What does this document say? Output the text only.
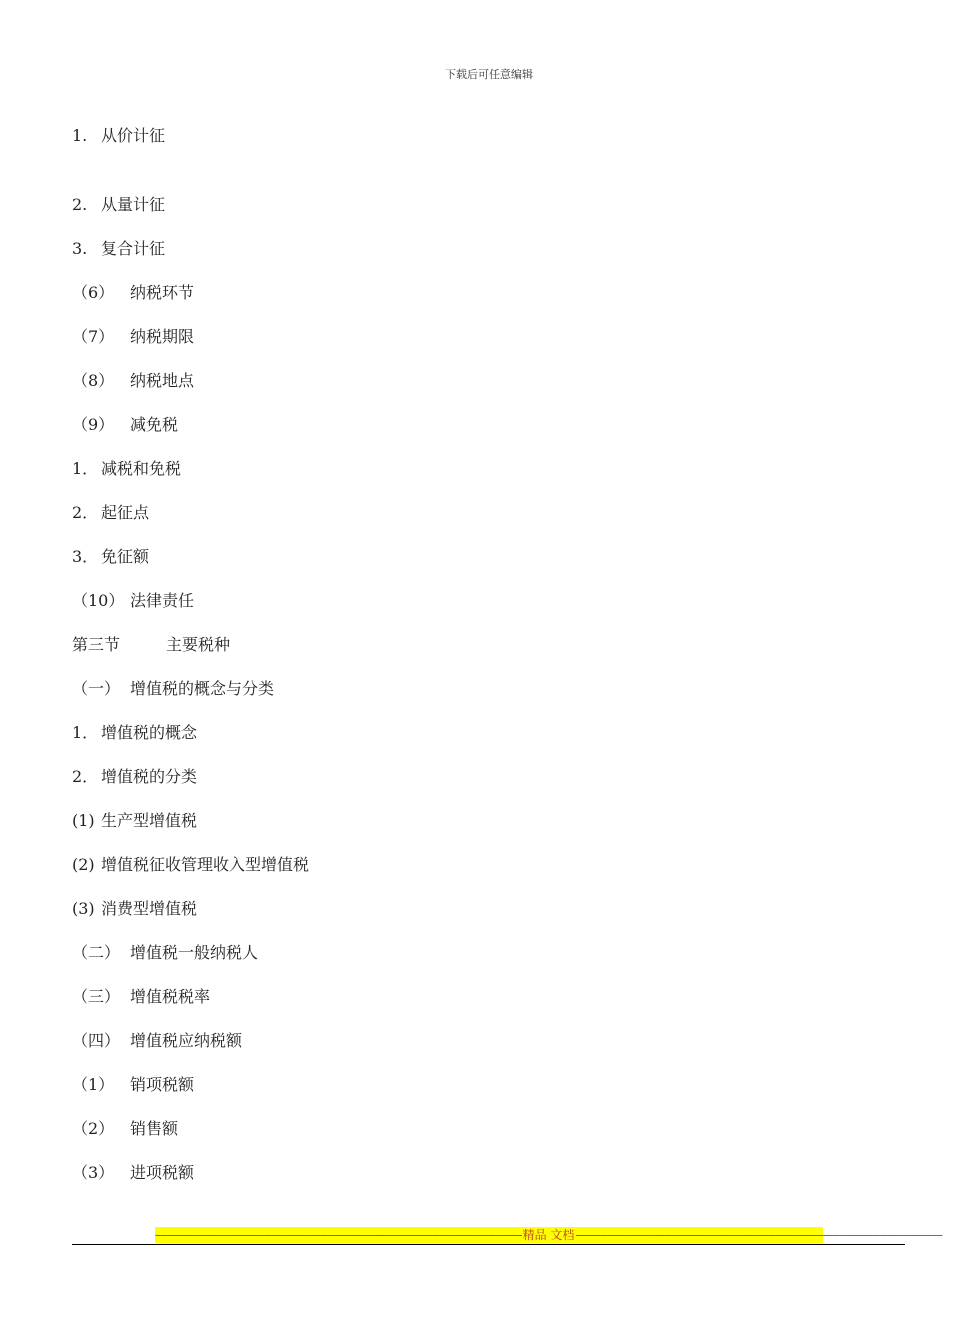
下载后可任意编辑
1. 从价计征
2. 从量计征
3. 复合计征
（6） 纳税环节
（7） 纳税期限
（8） 纳税地点
（9） 减免税
1． 减税和免税
2． 起征点
3． 免征额
（10） 法律责任
第三节	主要税种
（一） 增值税的概念与分类
1． 增值税的概念
2． 增值税的分类
(1) 生产型增值税
(2) 增值税征收管理收入型增值税
(3) 消费型增值税
（二） 增值税一般纳税人
（三） 增值税税率
（四） 增值税应纳税额
（1） 销项税额
（2） 销售额
（3） 进项税额
------------------------------------------------------------------------------------------------------------------------ 精品 文档 ------------------------------------------------------------------------------------------------------------------------
